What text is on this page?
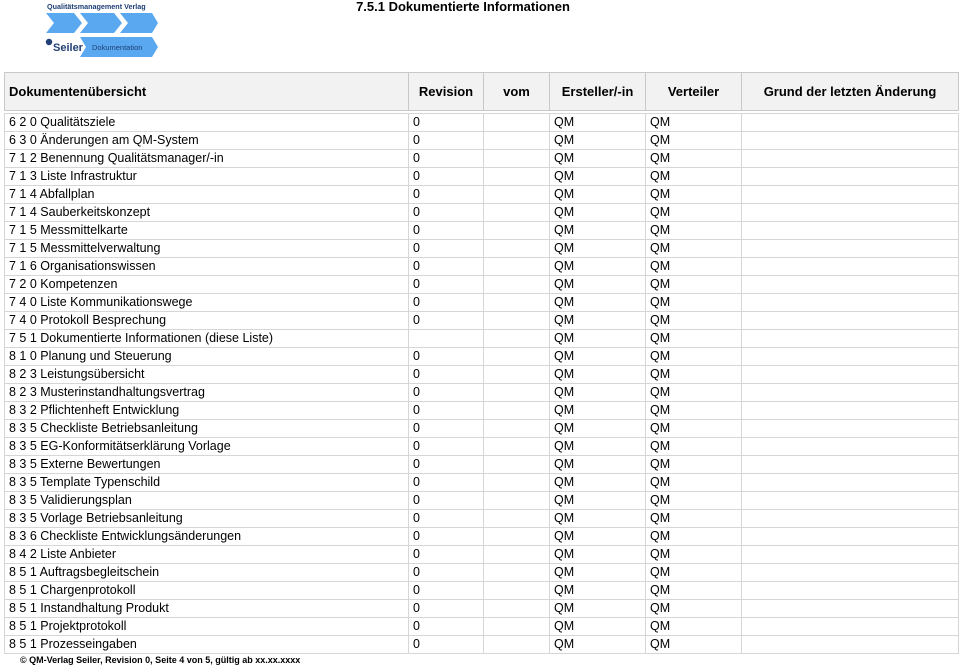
Qualitätsmanagement Verlag
Seiler Dokumentation
7.5.1 Dokumentierte Informationen
Dokumentenübersicht	Revision	vom	Ersteller/-in	Verteiler	Grund der letzten Änderung

6 2 0 Qualitätsziele	0		QM	QM	
6 3 0 Änderungen am QM-System	0		QM	QM	
7 1 2 Benennung Qualitätsmanager/-in	0		QM	QM	
7 1 3 Liste Infrastruktur	0		QM	QM	
7 1 4 Abfallplan	0		QM	QM	
7 1 4 Sauberkeitskonzept	0		QM	QM	
7 1 5 Messmittelkarte	0		QM	QM	
7 1 5 Messmittelverwaltung	0		QM	QM	
7 1 6 Organisationswissen	0		QM	QM	
7 2 0 Kompetenzen	0		QM	QM	
7 4 0 Liste Kommunikationswege	0		QM	QM	
7 4 0 Protokoll Besprechung	0		QM	QM	
7 5 1 Dokumentierte Informationen (diese Liste)			QM	QM	
8 1 0 Planung und Steuerung	0		QM	QM	
8 2 3 Leistungsübersicht	0		QM	QM	
8 2 3 Musterinstandhaltungsvertrag	0		QM	QM	
8 3 2 Pflichtenheft Entwicklung	0		QM	QM	
8 3 5 Checkliste Betriebsanleitung	0		QM	QM	
8 3 5 EG-Konformitätserklärung Vorlage	0		QM	QM	
8 3 5 Externe Bewertungen	0		QM	QM	
8 3 5 Template Typenschild	0		QM	QM	
8 3 5 Validierungsplan	0		QM	QM	
8 3 5 Vorlage Betriebsanleitung	0		QM	QM	
8 3 6 Checkliste Entwicklungsänderungen	0		QM	QM	
8 4 2 Liste Anbieter	0		QM	QM	
8 5 1 Auftragsbegleitschein	0		QM	QM	
8 5 1 Chargenprotokoll	0		QM	QM	
8 5 1 Instandhaltung Produkt	0		QM	QM	
8 5 1 Projektprotokoll	0		QM	QM	
8 5 1 Prozesseingaben	0		QM	QM	
© QM-Verlag Seiler, Revision 0, Seite 4 von 5, gültig ab xx.xx.xxxx
